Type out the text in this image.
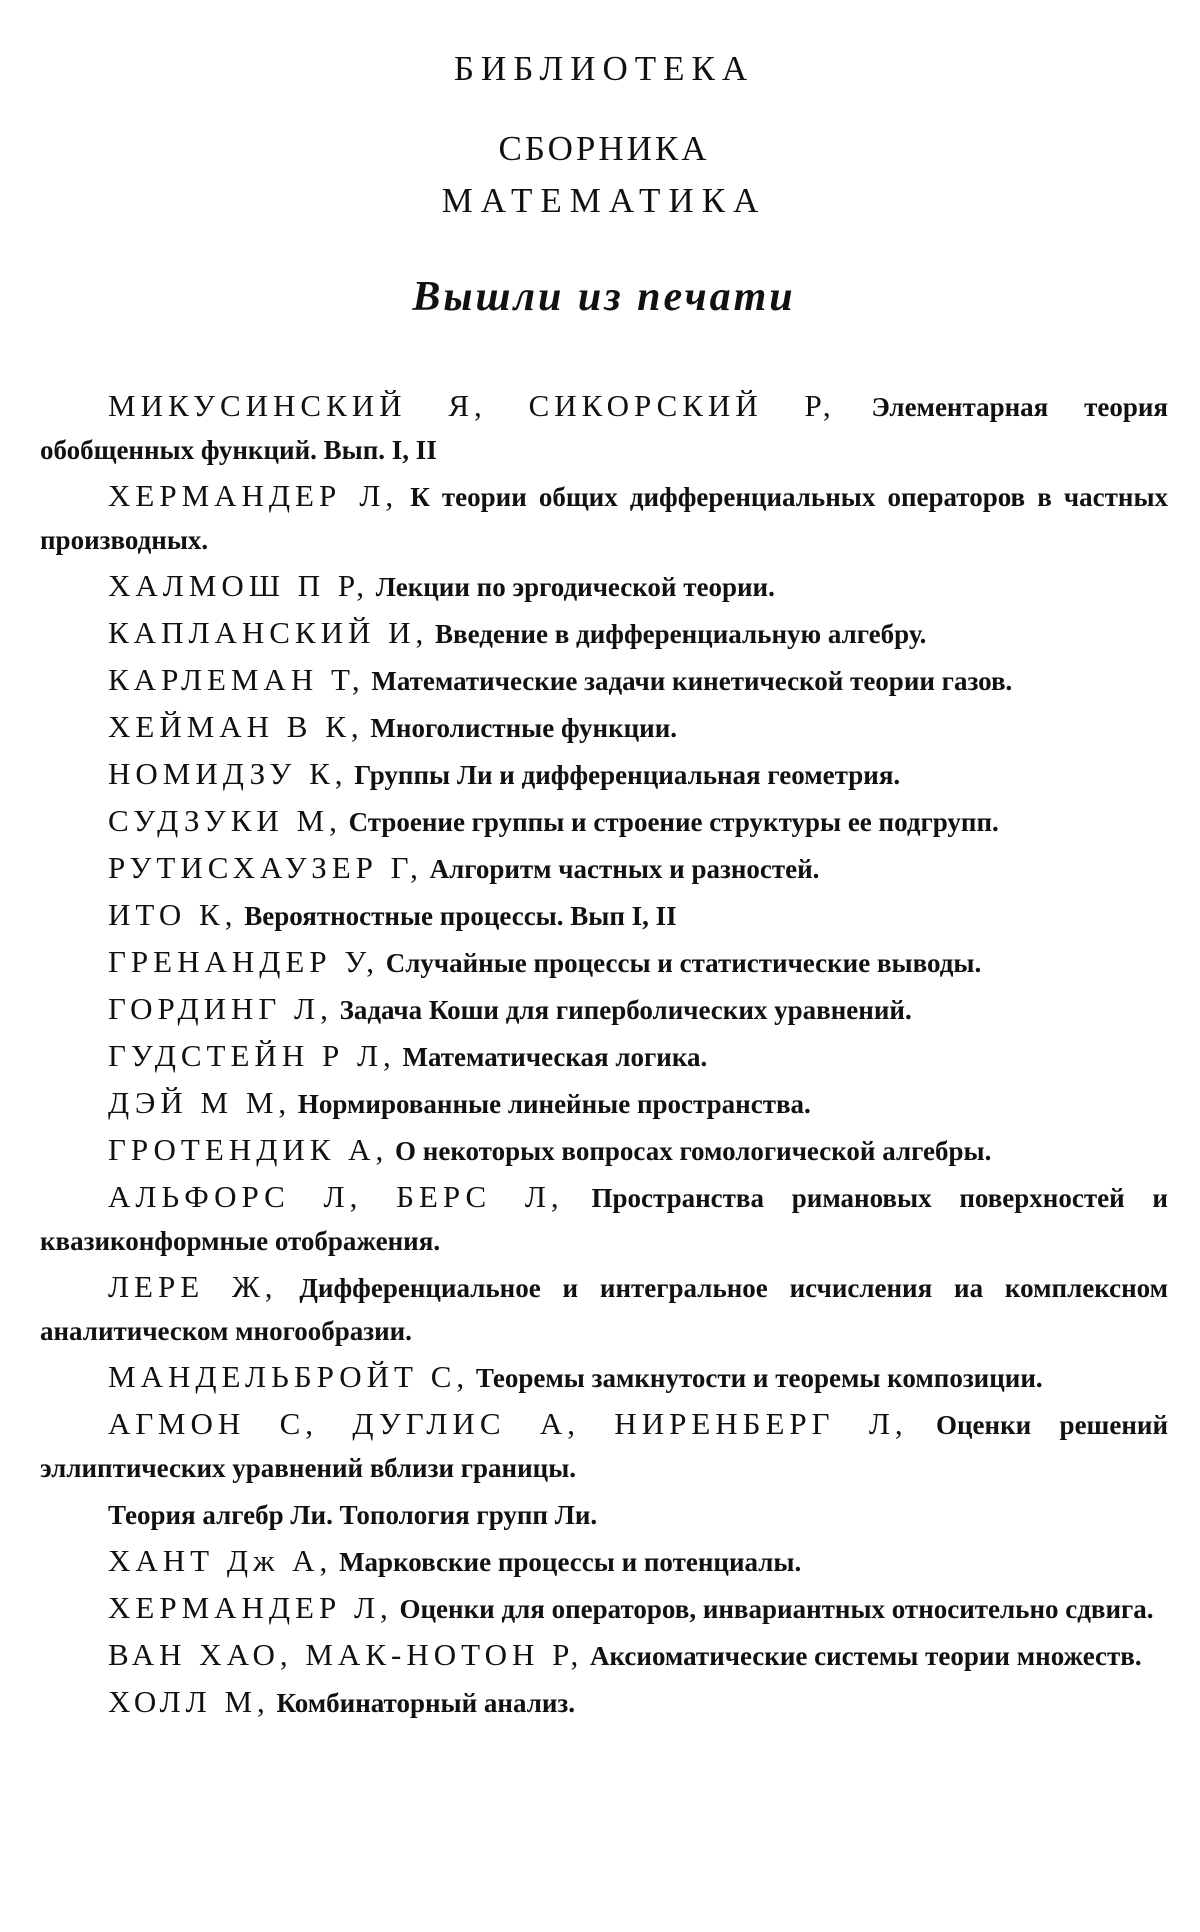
БИБЛИОТЕКА
СБОРНИКА
МАТЕМАТИКА
Вышли из печати

МИКУСИНСКИЙ Я, СИКОРСКИЙ Р, Элементарная теория обобщенных функций. Вып. I, II

ХЕРМАНДЕР Л, К теории общих дифференциальных операторов в частных производных.

ХАЛМОШ П Р, Лекции по эргодической теории.

КАПЛАНСКИЙ И, Введение в дифференциальную алгебру.

КАРЛЕМАН Т, Математические задачи кинетической теории газов.

ХЕЙМАН В К, Многолистные функции.

НОМИДЗУ К, Группы Ли и дифференциальная геометрия.

СУДЗУКИ М, Строение группы и строение структуры ее подгрупп.

РУТИСХАУЗЕР Г, Алгоритм частных и разностей.

ИТО К, Вероятностные процессы. Вып I, II

ГРЕНАНДЕР У, Случайные процессы и статистические выводы.

ГОРДИНГ Л, Задача Коши для гиперболических уравнений.

ГУДСТЕЙН Р Л, Математическая логика.

ДЭЙ М М, Нормированные линейные пространства.

ГРОТЕНДИК А, О некоторых вопросах гомологической алгебры.

АЛЬФОРС Л, БЕРС Л, Пространства римановых поверхностей и квазиконформные отображения.

ЛЕРЕ Ж, Дифференциальное и интегральное исчисления иа комплексном аналитическом многообразии.

МАНДЕЛЬБРОЙТ С, Теоремы замкнутости и теоремы композиции.

АГМОН С, ДУГЛИС А, НИРЕНБЕРГ Л, Оценки решений эллиптических уравнений вблизи границы.

Теория алгебр Ли. Топология групп Ли.

ХАНТ Дж А, Марковские процессы и потенциалы.

ХЕРМАНДЕР Л, Оценки для операторов, инвариантных относительно сдвига.

ВАН ХАО, МАК-НОТОН Р, Аксиоматические системы теории множеств.

ХОЛЛ М, Комбинаторный анализ.
